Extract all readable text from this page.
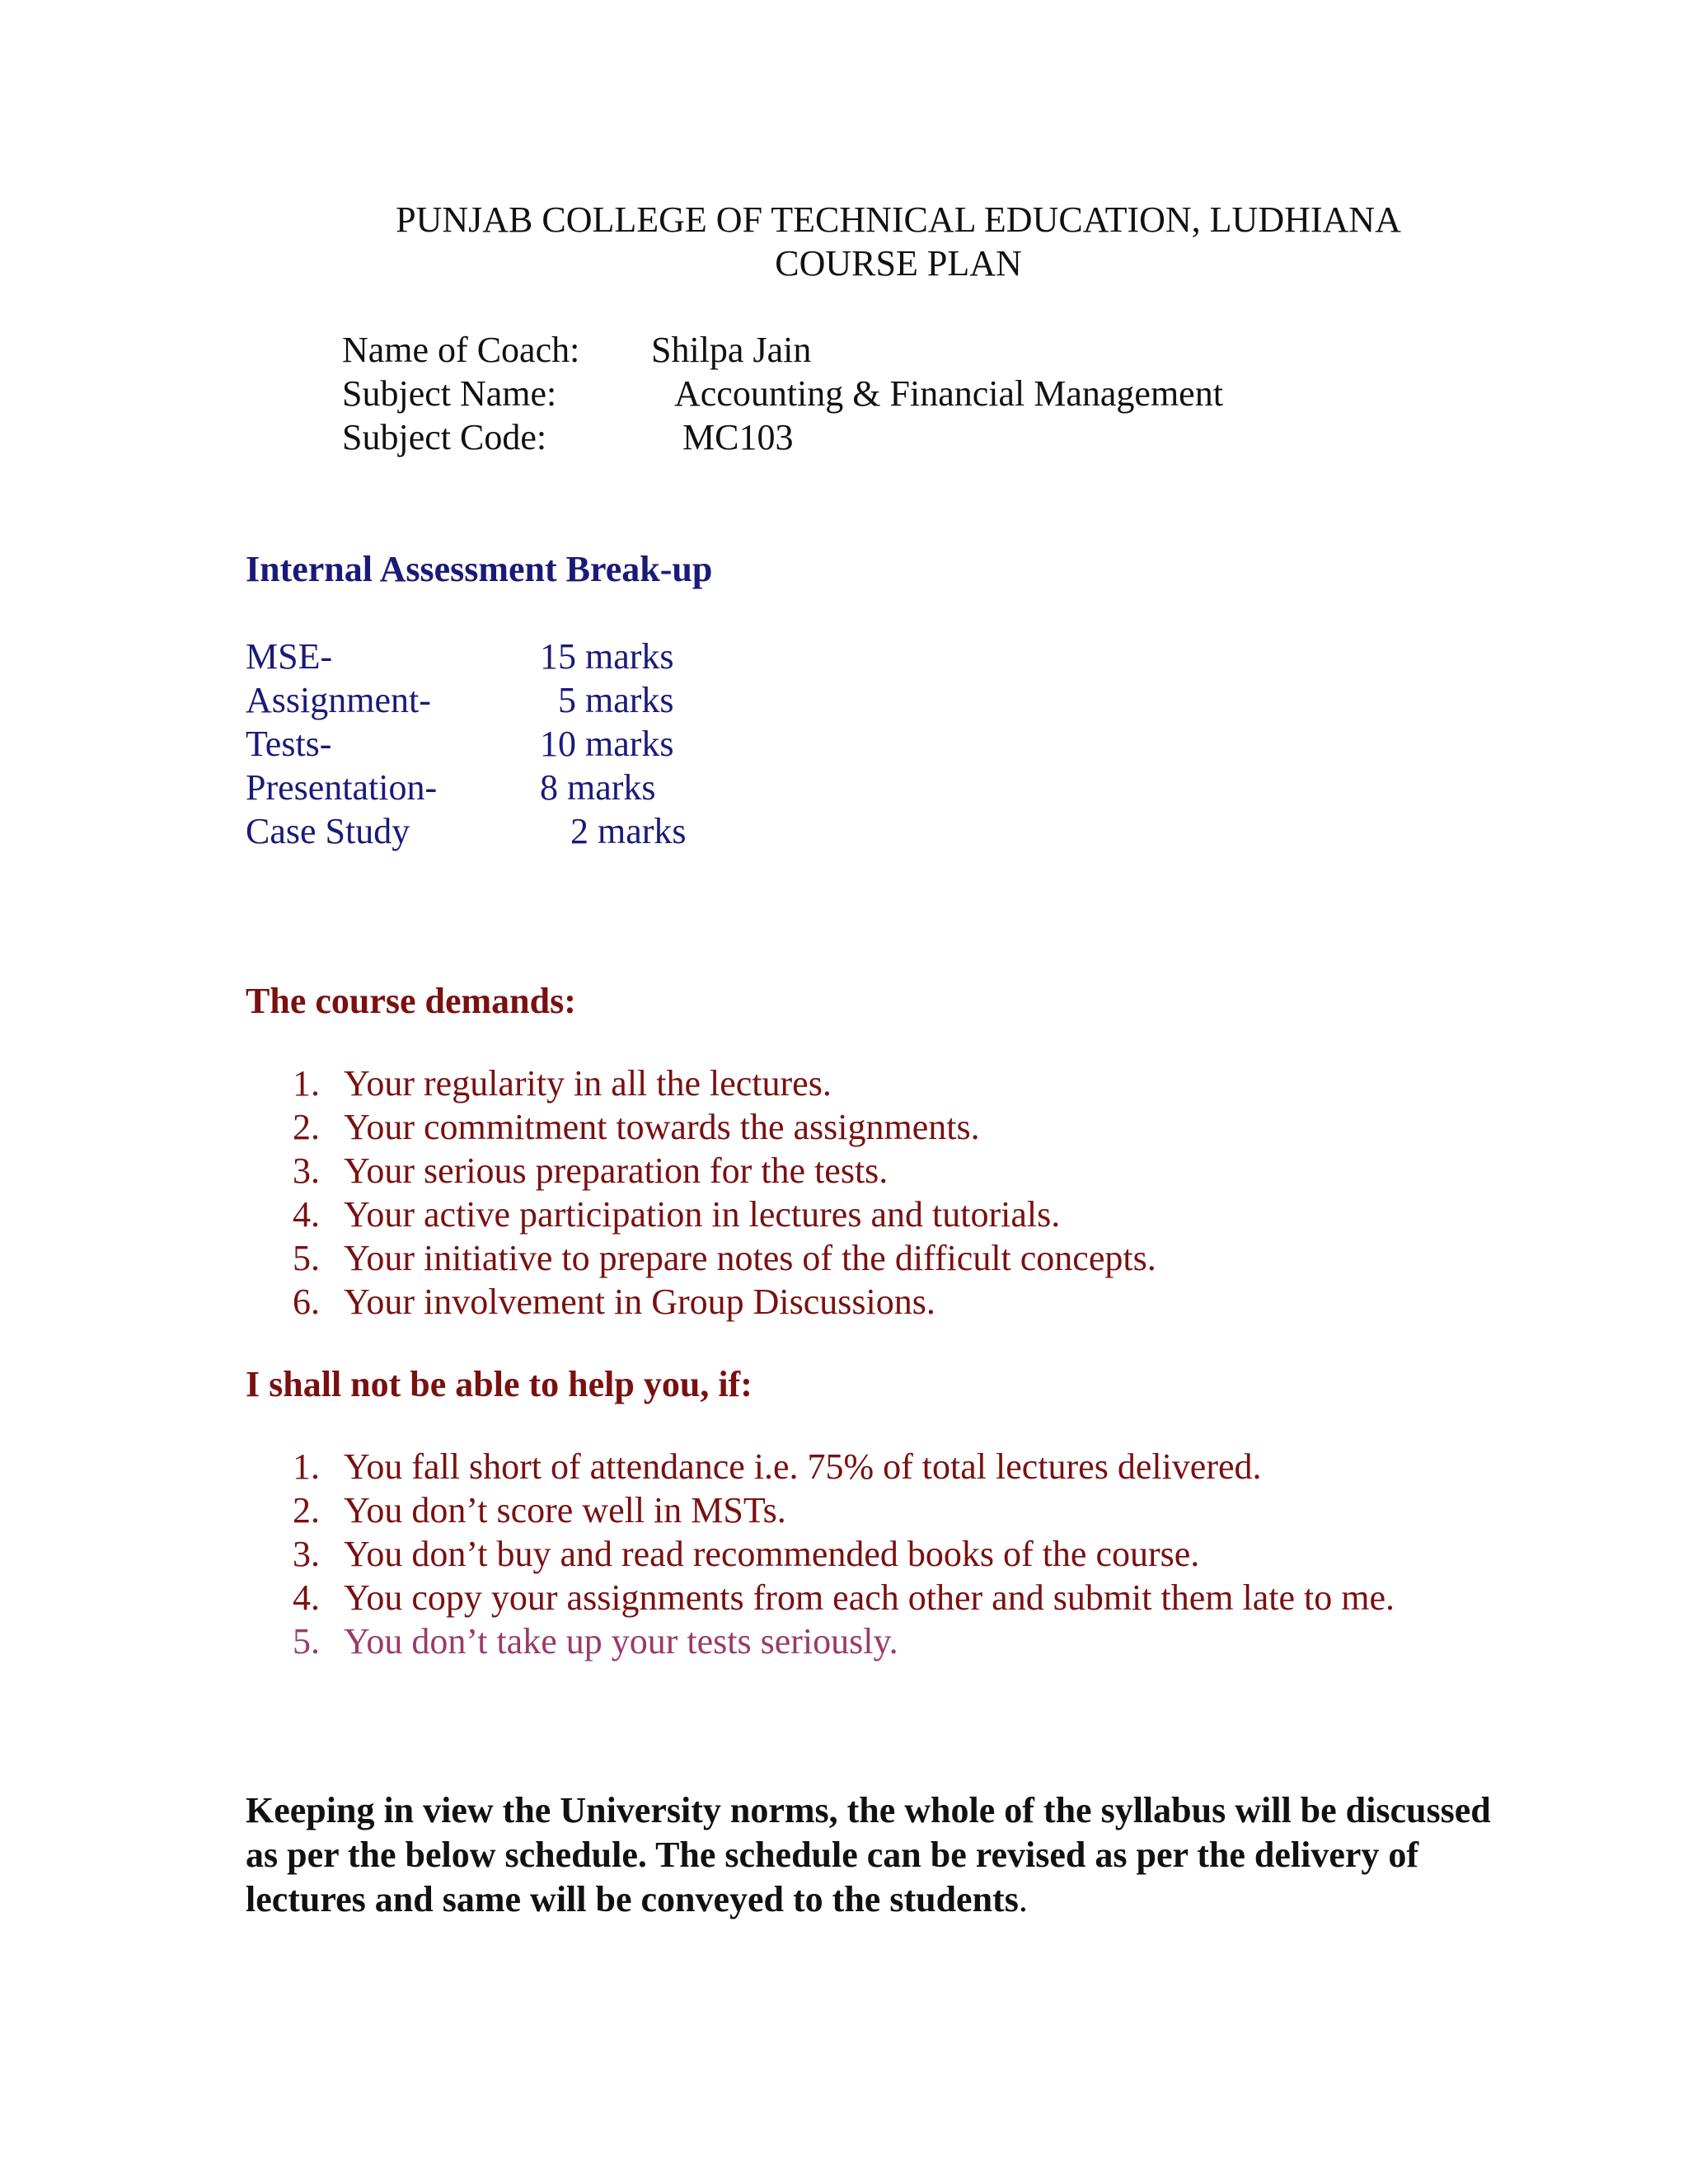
PUNJAB COLLEGE OF TECHNICAL EDUCATION, LUDHIANA
COURSE PLAN
Name of Coach: Shilpa Jain
Subject Name:	Accounting & Financial Management
Subject Code:	MC103
Internal Assessment Break-up
MSE-	15 marks
Assignment-	5 marks
Tests-	10 marks
Presentation-	8 marks
Case Study	2 marks
The course demands:
1. Your regularity in all the lectures.
2. Your commitment towards the assignments.
3. Your serious preparation for the tests.
4. Your active participation in lectures and tutorials.
5. Your initiative to prepare notes of the difficult concepts.
6. Your involvement in Group Discussions.
I shall not be able to help you, if:
1. You fall short of attendance i.e. 75% of total lectures delivered.
2. You don’t score well in MSTs.
3. You don’t buy and read recommended books of the course.
4. You copy your assignments from each other and submit them late to me.
5. You don’t take up your tests seriously.
Keeping in view the University norms, the whole of the syllabus will be discussed as per the below schedule. The schedule can be revised as per the delivery of lectures and same will be conveyed to the students.
